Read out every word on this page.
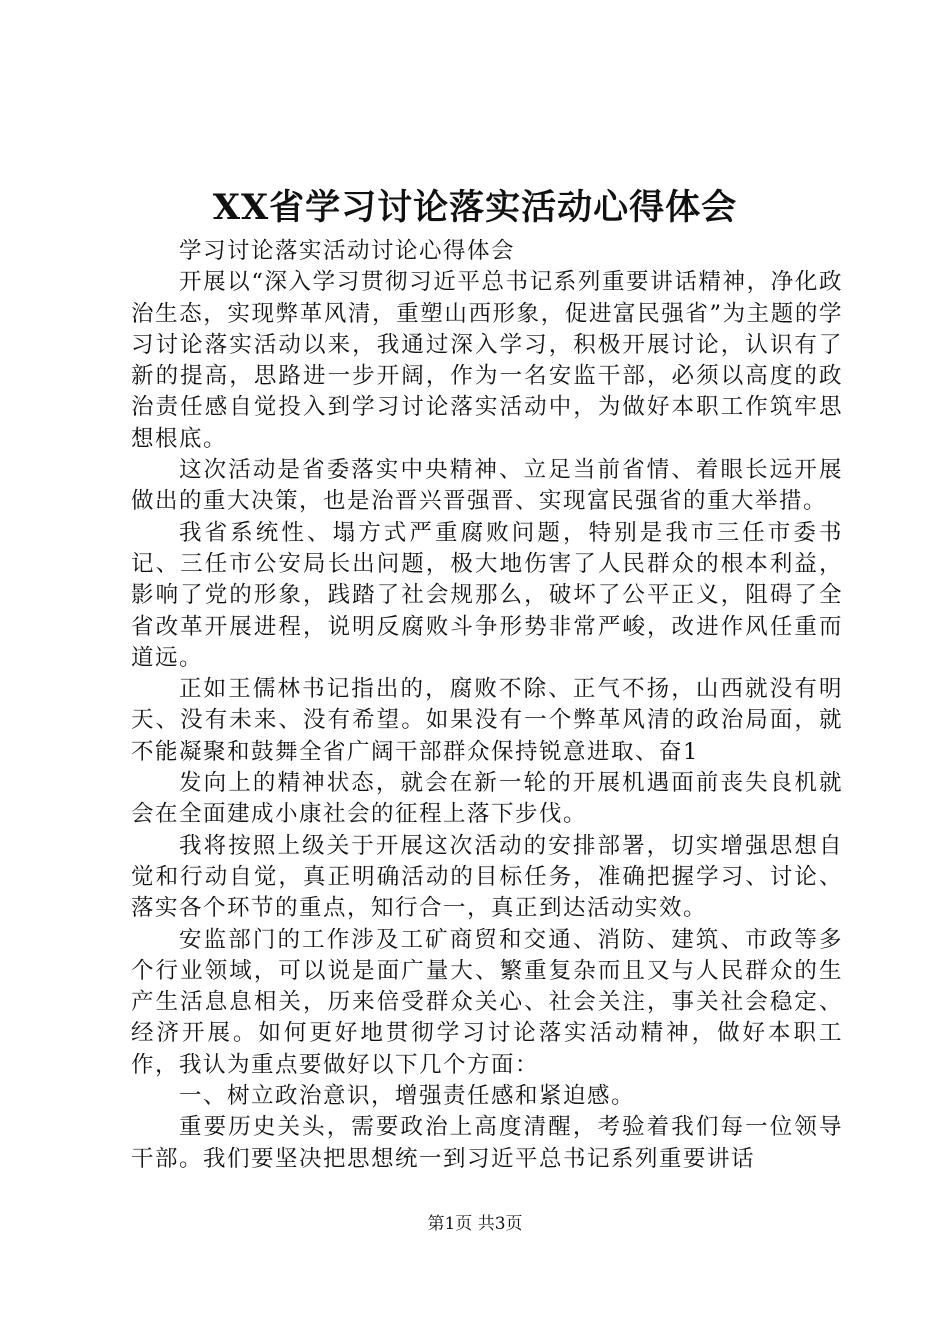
XX省学习讨论落实活动心得体会

学习讨论落实活动讨论心得体会

开展以“深入学习贯彻习近平总书记系列重要讲话精神，净化政治生态，实现弊革风清，重塑山西形象，促进富民强省”为主题的学习讨论落实活动以来，我通过深入学习，积极开展讨论，认识有了新的提高，思路进一步开阔，作为一名安监干部，必须以高度的政治责任感自觉投入到学习讨论落实活动中，为做好本职工作筑牢思想根底。

这次活动是省委落实中央精神、立足当前省情、着眼长远开展做出的重大决策，也是治晋兴晋强晋、实现富民强省的重大举措。

我省系统性、塌方式严重腐败问题，特别是我市三任市委书记、三任市公安局长出问题，极大地伤害了人民群众的根本利益，影响了党的形象，践踏了社会规那么，破坏了公平正义，阻碍了全省改革开展进程，说明反腐败斗争形势非常严峻，改进作风任重而道远。

正如王儒林书记指出的，腐败不除、正气不扬，山西就没有明天、没有未来、没有希望。如果没有一个弊革风清的政治局面，就不能凝聚和鼓舞全省广阔干部群众保持锐意进取、奋1

发向上的精神状态，就会在新一轮的开展机遇面前丧失良机就会在全面建成小康社会的征程上落下步伐。

我将按照上级关于开展这次活动的安排部署，切实增强思想自觉和行动自觉，真正明确活动的目标任务，准确把握学习、讨论、落实各个环节的重点，知行合一，真正到达活动实效。

安监部门的工作涉及工矿商贸和交通、消防、建筑、市政等多个行业领域，可以说是面广量大、繁重复杂而且又与人民群众的生产生活息息相关，历来倍受群众关心、社会关注，事关社会稳定、经济开展。如何更好地贯彻学习讨论落实活动精神，做好本职工作，我认为重点要做好以下几个方面：

一、树立政治意识，增强责任感和紧迫感。

重要历史关头，需要政治上高度清醒，考验着我们每一位领导干部。我们要坚决把思想统一到习近平总书记系列重要讲话

第1页 共3页
